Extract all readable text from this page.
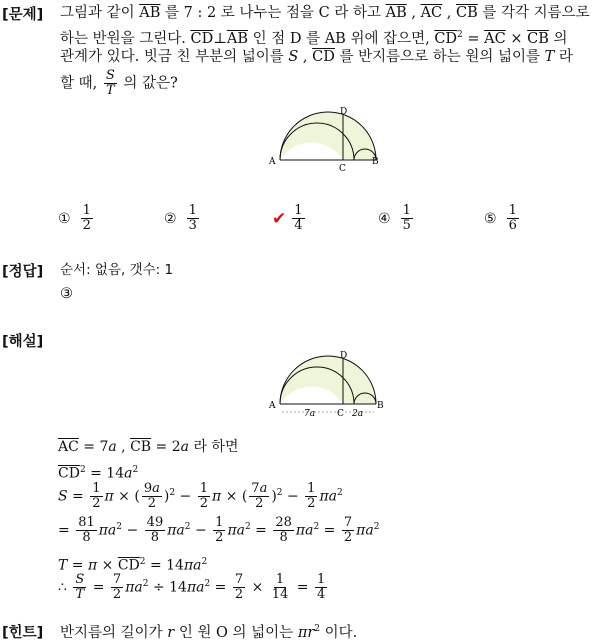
[문제] 그림과 같이 $\overline{AB}$ 를 7 : 2 로 나누는 점을 C 라 하고 $\overline{AB}$ , $\overline{AC}$ , $\overline{CB}$ 를 각각 지름으로
하는 반원을 그린다. $\overline{CD}\perp\overline{AB}$ 인 점 D 를 AB 위에 잡으면, $\overline{CD}^2 = \overline{AC} \times \overline{CB}$ 의
관계가 있다. 빗금 친 부분의 넓이를 S , $\overline{CD}$ 를 반지름으로 하는 원의 넓이를 T 라
할 때, $\frac{S}{T}$ 의 값은?
A	B
C
D
① $\frac{1}{2}$	② $\frac{1}{3}$	✔ $\frac{1}{4}$	④ $\frac{1}{5}$	⑤ $\frac{1}{6}$
[정답] 순서: 없음, 갯수: 1
③
[해설]
A	B
C
D
7a	2a
$\overline{AC} = 7a$ , $\overline{CB} = 2a$ 라 하면
$\overline{CD}^2 = 14a^2$
$S = \frac{1}{2}$ π × ( $\frac{9a}{2} )^2 - \frac{1}{2}$ π × ( $\frac{7a}{2} )^2 - \frac{1}{2} \pi a^2$
= $\frac{81}{8} \pi a^2 - \frac{49}{8} \pi a^2 - \frac{1}{2} \pi a^2 = \frac{28}{8} \pi a^2 = \frac{7}{2} \pi a^2$
$T = \pi \times \overline{CD}^2 = 14\pi a^2$
∴ $\frac{S}{T} = \frac{7}{2} \pi a^2 \div 14\pi a^2 = \frac{7}{2} \times \frac{1}{14} = \frac{1}{4}$
[힌트] 반지름의 길이가 r 인 원 O 의 넓이는 $\pi r^2$ 이다.
